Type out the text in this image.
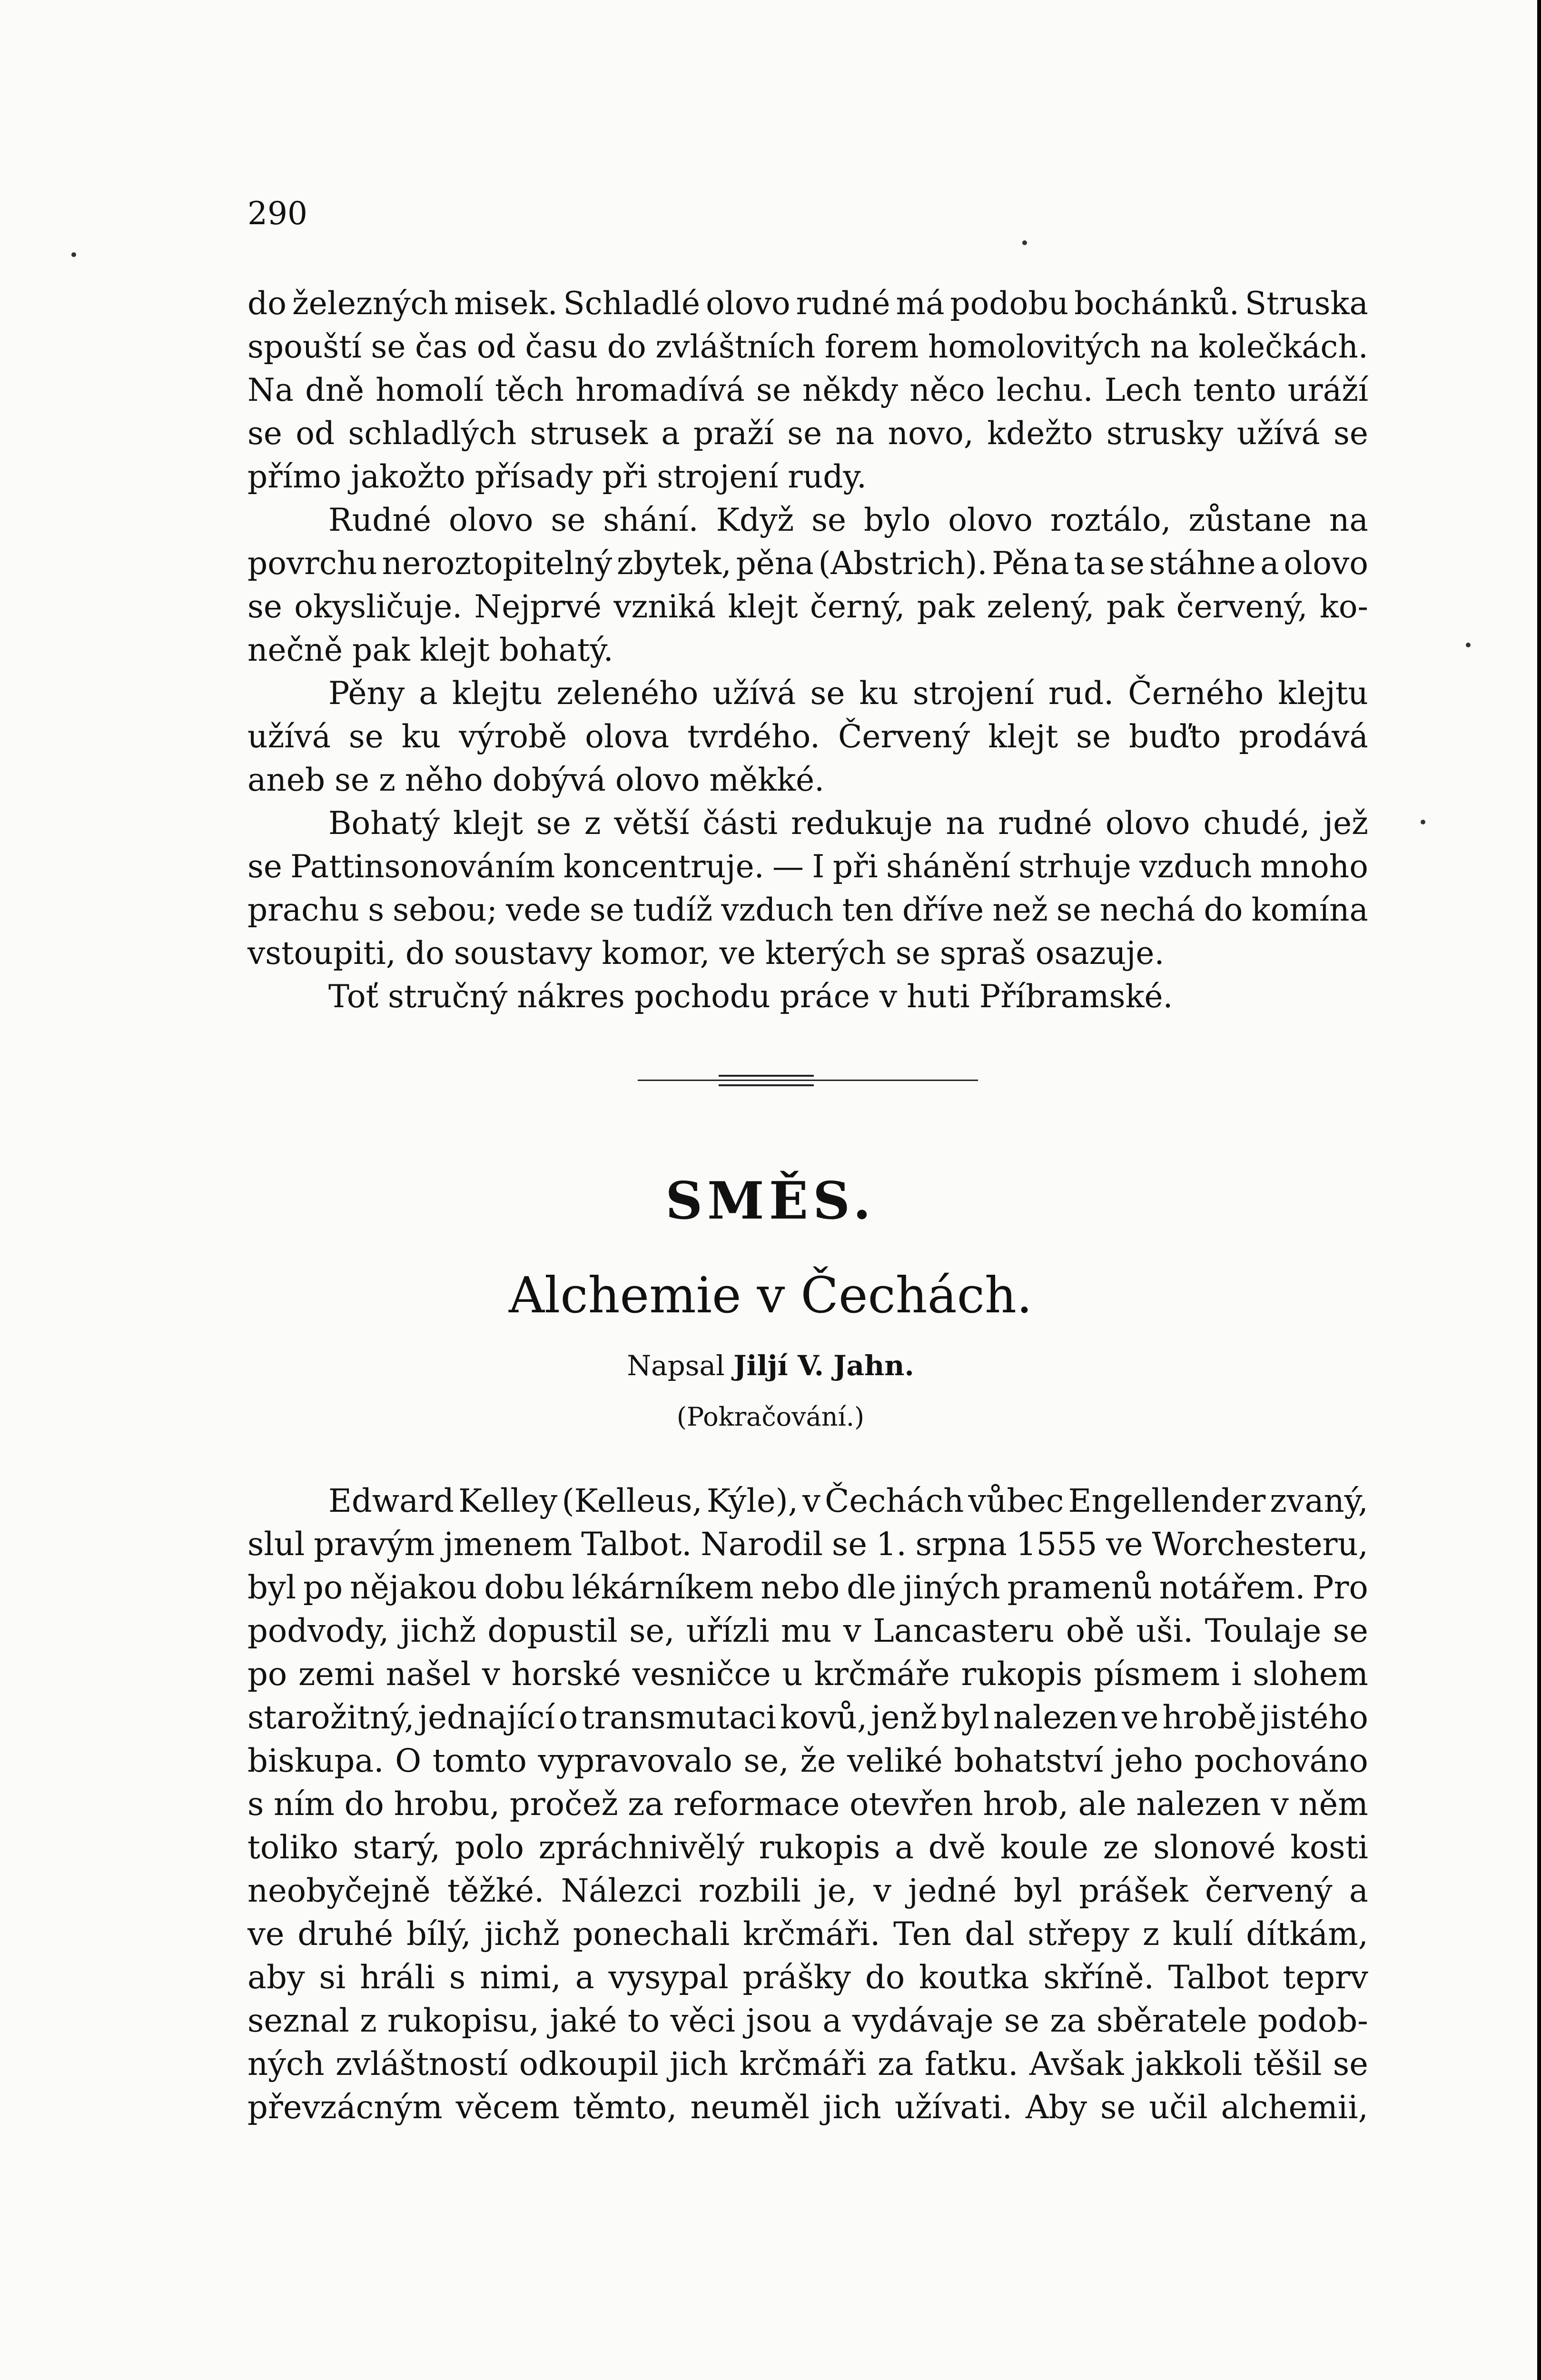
290
do železných misek. Schladlé olovo rudné má podobu bochánků. Struska
spouští se čas od času do zvláštních forem homolovitých na kolečkách.
Na dně homolí těch hromadívá se někdy něco lechu. Lech tento uráží
se od schladlých strusek a praží se na novo, kdežto strusky užívá se
přímo jakožto přísady při strojení rudy.
Rudné olovo se shání. Když se bylo olovo roztálo, zůstane na
povrchu neroztopitelný zbytek, pěna (Abstrich). Pěna ta se stáhne a olovo
se okysličuje. Nejprvé vzniká klejt černý, pak zelený, pak červený, ko-
nečně pak klejt bohatý.
Pěny a klejtu zeleného užívá se ku strojení rud. Černého klejtu
užívá se ku výrobě olova tvrdého. Červený klejt se buďto prodává
aneb se z něho dobývá olovo měkké.
Bohatý klejt se z větší části redukuje na rudné olovo chudé, jež
se Pattinsonováním koncentruje. — I při shánění strhuje vzduch mnoho
prachu s sebou; vede se tudíž vzduch ten dříve než se nechá do komína
vstoupiti, do soustavy komor, ve kterých se spraš osazuje.
Toť stručný nákres pochodu práce v huti Příbramské.
SMĚS.
Alchemie v Čechách.
Napsal Jiljí V. Jahn.
(Pokračování.)
Edward Kelley (Kelleus, Kýle), v Čechách vůbec Engellender zvaný,
slul pravým jmenem Talbot. Narodil se 1. srpna 1555 ve Worchesteru,
byl po nějakou dobu lékárníkem nebo dle jiných pramenů notářem. Pro
podvody, jichž dopustil se, uřízli mu v Lancasteru obě uši. Toulaje se
po zemi našel v horské vesničce u krčmáře rukopis písmem i slohem
starožitný, jednající o transmutaci kovů, jenž byl nalezen ve hrobě jistého
biskupa. O tomto vypravovalo se, že veliké bohatství jeho pochováno
s ním do hrobu, pročež za reformace otevřen hrob, ale nalezen v něm
toliko starý, polo zpráchnivělý rukopis a dvě koule ze slonové kosti
neobyčejně těžké. Nálezci rozbili je, v jedné byl prášek červený a
ve druhé bílý, jichž ponechali krčmáři. Ten dal střepy z kulí dítkám,
aby si hráli s nimi, a vysypal prášky do koutka skříně. Talbot teprv
seznal z rukopisu, jaké to věci jsou a vydávaje se za sběratele podob-
ných zvláštností odkoupil jich krčmáři za fatku. Avšak jakkoli těšil se
převzácným věcem těmto, neuměl jich užívati. Aby se učil alchemii,
